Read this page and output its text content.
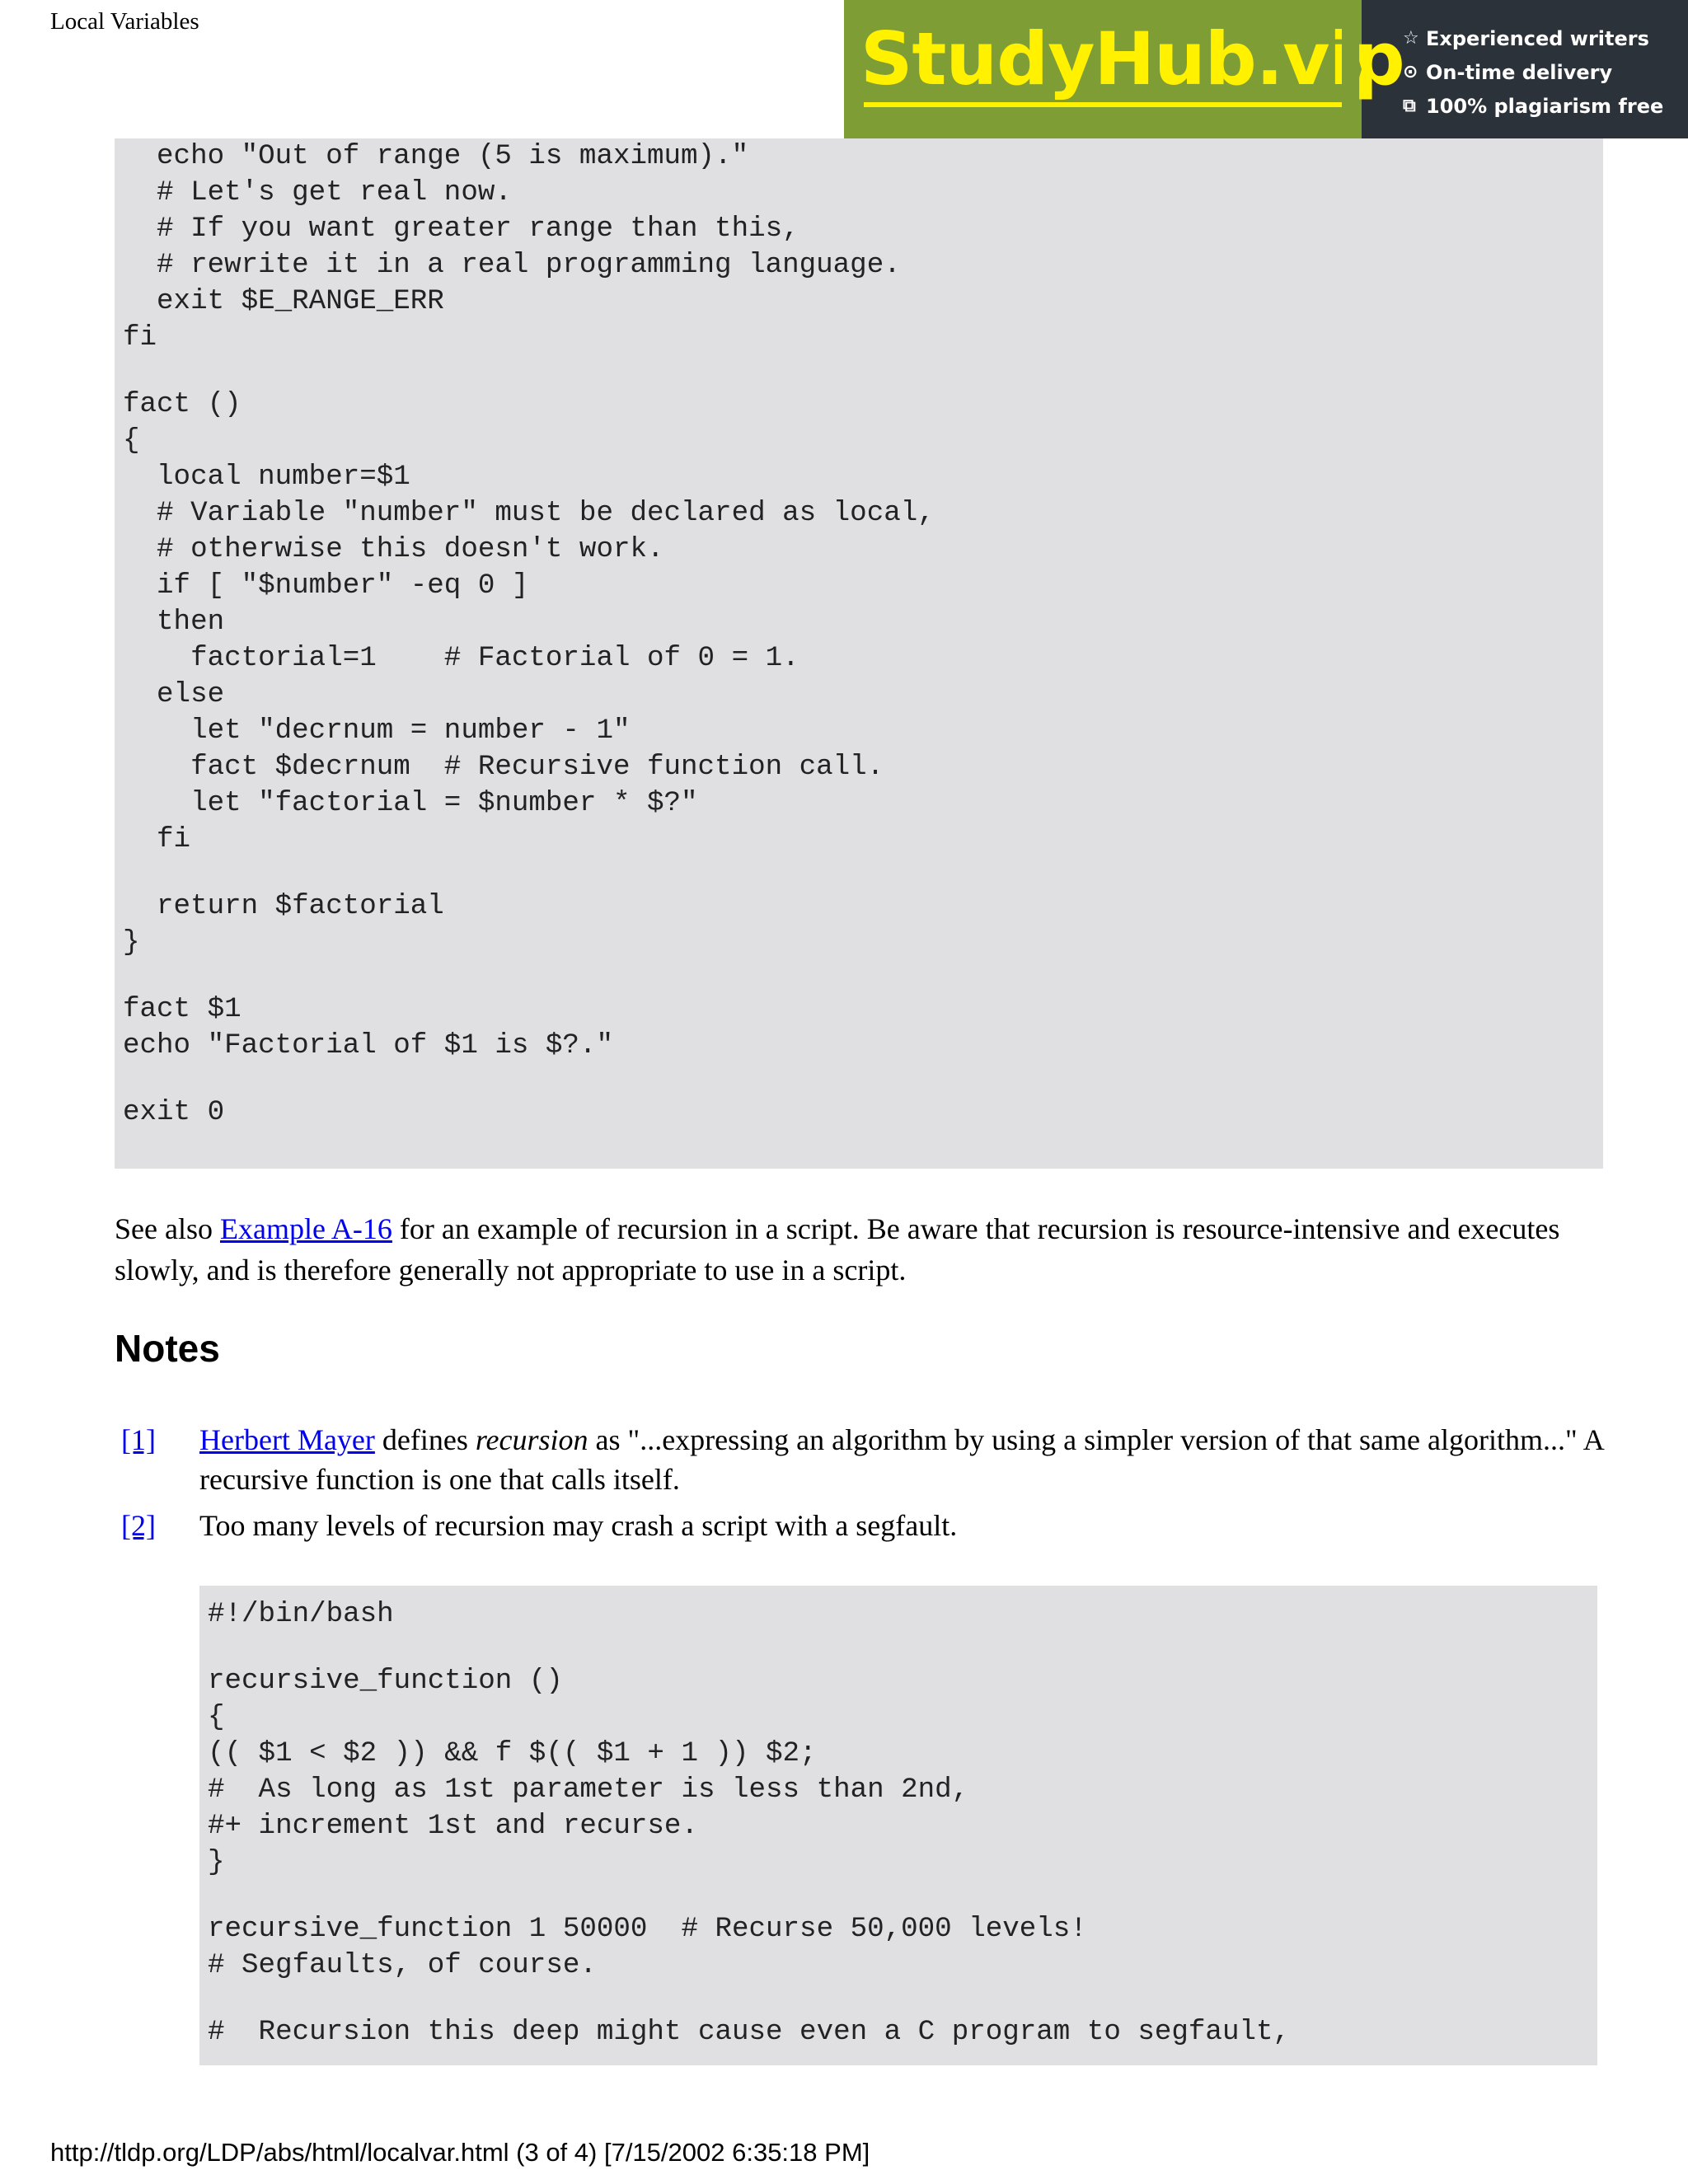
Local Variables	StudyHub.vip
☆ Experienced writers
⊙ On-time delivery
⧉ 100% plagiarism free
echo "Out of range (5 is maximum)."
# Let's get real now.
# If you want greater range than this,
# rewrite it in a real programming language.
exit $E_RANGE_ERR
fi
fact ()
{
local number=$1
# Variable "number" must be declared as local,
# otherwise this doesn't work.
if [ "$number" -eq 0 ]
then
factorial=1    # Factorial of 0 = 1.
else
let "decrnum = number - 1"
fact $decrnum  # Recursive function call.
let "factorial = $number * $?"
fi
return $factorial
}
fact $1
echo "Factorial of $1 is $?."
exit 0
See also Example A-16 for an example of recursion in a script. Be aware that recursion is resource-intensive and executes slowly, and is therefore generally not appropriate to use in a script.
Notes
[1]	Herbert Mayer defines recursion as "...expressing an algorithm by using a simpler version of that same algorithm..." A recursive function is one that calls itself.
[2]	Too many levels of recursion may crash a script with a segfault.
#!/bin/bash
recursive_function ()
{
(( $1 < $2 )) && f $(( $1 + 1 )) $2;
#  As long as 1st parameter is less than 2nd,
#+ increment 1st and recurse.
}
recursive_function 1 50000  # Recurse 50,000 levels!
# Segfaults, of course.
#  Recursion this deep might cause even a C program to segfault,
http://tldp.org/LDP/abs/html/localvar.html (3 of 4) [7/15/2002 6:35:18 PM]
